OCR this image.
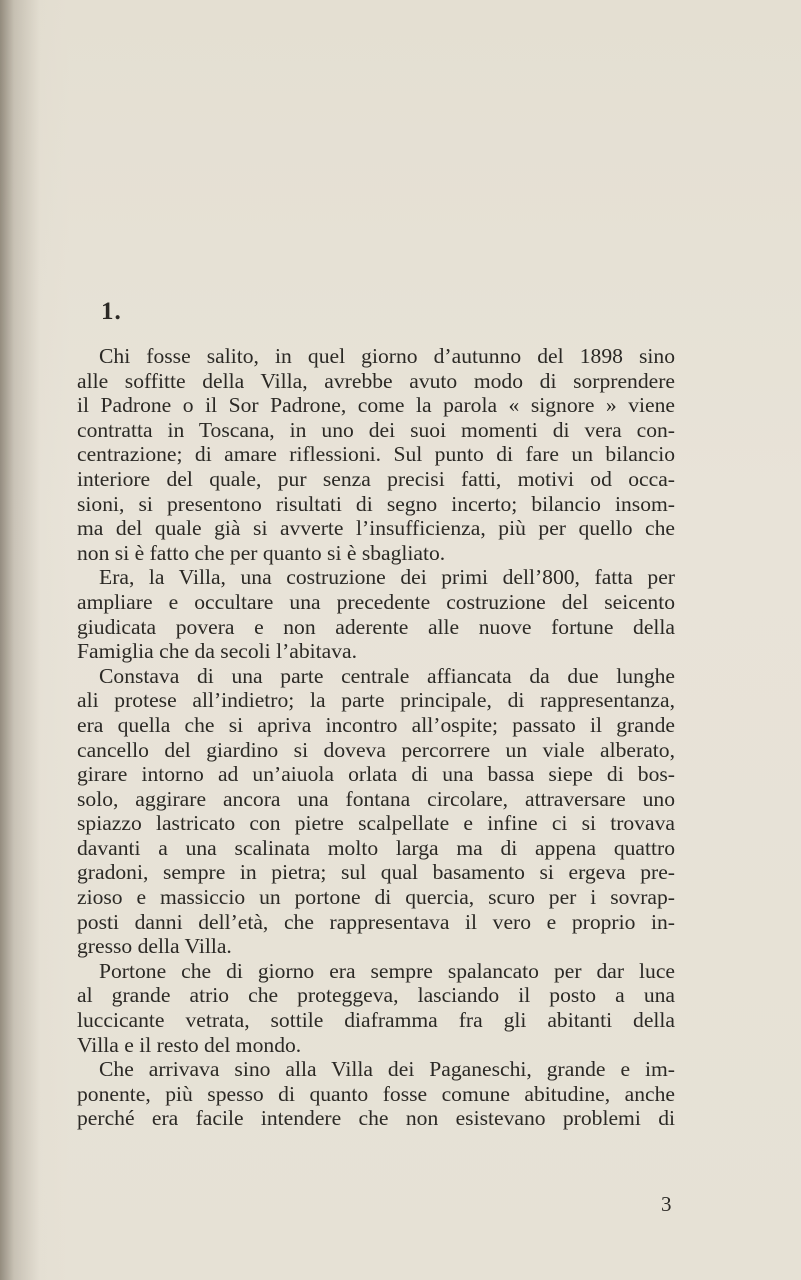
1.

Chi fosse salito, in quel giorno d’autunno del 1898 sino
alle soffitte della Villa, avrebbe avuto modo di sorprendere
il Padrone o il Sor Padrone, come la parola « signore » viene
contratta in Toscana, in uno dei suoi momenti di vera con-
centrazione; di amare riflessioni. Sul punto di fare un bilancio
interiore del quale, pur senza precisi fatti, motivi od occa-
sioni, si presentono risultati di segno incerto; bilancio insom-
ma del quale già si avverte l’insufficienza, più per quello che
non si è fatto che per quanto si è sbagliato.

Era, la Villa, una costruzione dei primi dell’800, fatta per
ampliare e occultare una precedente costruzione del seicento
giudicata povera e non aderente alle nuove fortune della
Famiglia che da secoli l’abitava.

Constava di una parte centrale affiancata da due lunghe
ali protese all’indietro; la parte principale, di rappresentanza,
era quella che si apriva incontro all’ospite; passato il grande
cancello del giardino si doveva percorrere un viale alberato,
girare intorno ad un’aiuola orlata di una bassa siepe di bos-
solo, aggirare ancora una fontana circolare, attraversare uno
spiazzo lastricato con pietre scalpellate e infine ci si trovava
davanti a una scalinata molto larga ma di appena quattro
gradoni, sempre in pietra; sul qual basamento si ergeva pre-
zioso e massiccio un portone di quercia, scuro per i sovrap-
posti danni dell’età, che rappresentava il vero e proprio in-
gresso della Villa.

Portone che di giorno era sempre spalancato per dar luce
al grande atrio che proteggeva, lasciando il posto a una
luccicante vetrata, sottile diaframma fra gli abitanti della
Villa e il resto del mondo.

Che arrivava sino alla Villa dei Paganeschi, grande e im-
ponente, più spesso di quanto fosse comune abitudine, anche
perché era facile intendere che non esistevano problemi di

3
